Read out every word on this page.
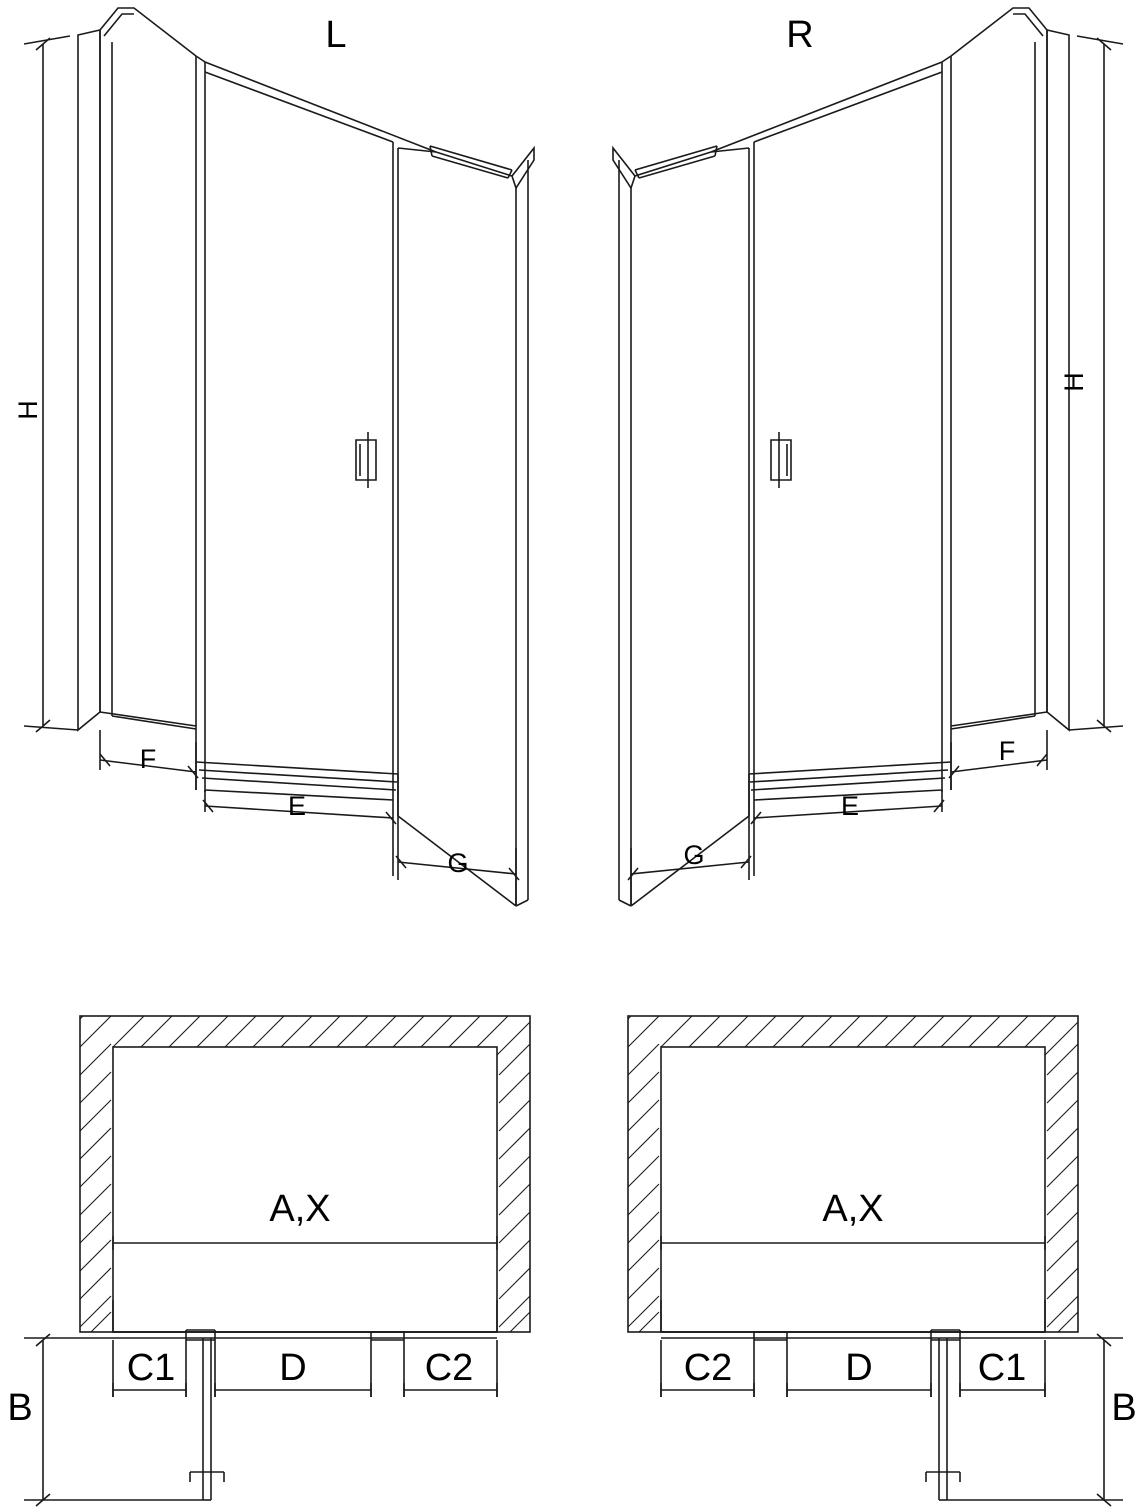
L	R
H
H
F
E
G	G
E
F
A,X	A,X
B	B
C1	D	C2	C2	D	C1
